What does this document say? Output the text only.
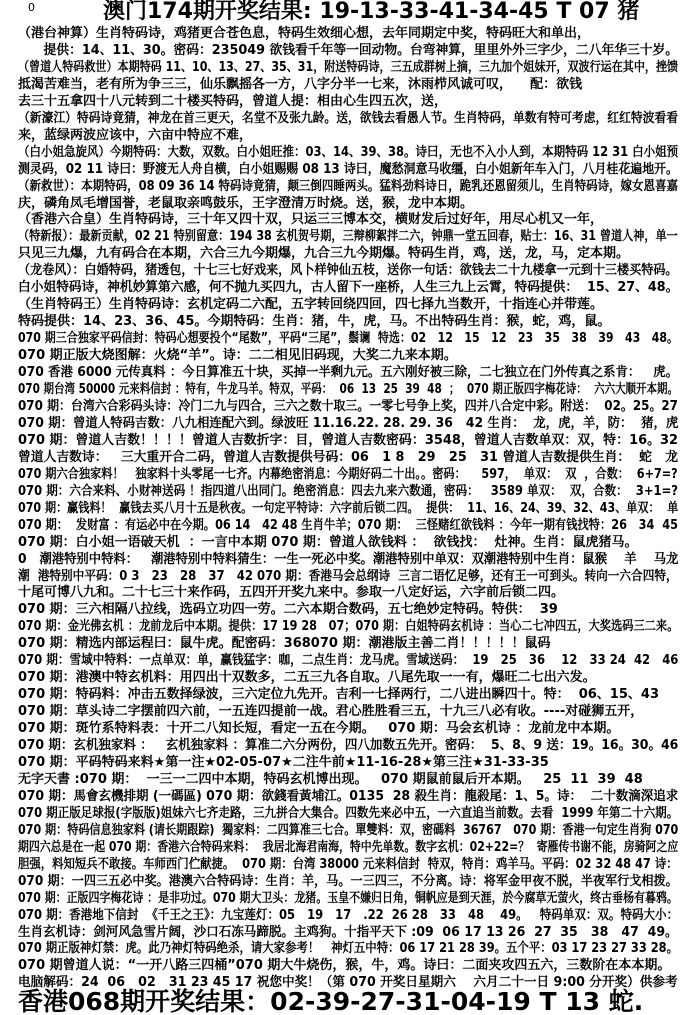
0	澳门174期开奖结果: 19-13-33-41-34-45 T 07 猪
（港台神算）生肖特码诗，鸡猪更合苍色息，特码生效细心想，去年同期定中奖，特码旺大和单出，
　　提供：14、11、30。密码：235049 欲钱看千年等一回动物。台弯神算，里里外外三字少，二八年华三十岁。
（曾道人特码救世）本期特码 11、10、13、27、35、31，附送特码诗，三五成群树上摘，三九加个姐妹开，双波行运在其中，挫馈
抵渴苦难当，老有所为争三三，仙乐飘摇各一方，八字分半一七来，沐雨栉风诚可叹，    配：欲钱
去三十五拿四十八元转到二十楼买特码，曾道人提：相由心生四五次，送，
（新濠江）特码诗竟猜，神龙在首三更天，名堂不及张九龄。送，欲钱去看愚人节。生肖特码，单数有特可考虑，红红特波看看
来，蓝绿两波应该中，六亩中特应不难，
（白小姐急旋风）今期特码：大数，双数。白小姐旺推：03、14、39、38。诗曰，无也不入小人到，本期特码 12 31 白小姐预
测灵码，02 11 诗曰：野渡无人舟自横，白小姐赐赐 08 13 诗曰，魔愁洞意马收缰，白小姐新年车入门，八月桂花遍地开。
（新救世）：本期特码，08 09 36 14 特码诗竟猜，颠三倒四睡两头。猛料劲料诗日，跪乳还恩留须儿，生肖特码诗，嫁女恩喜嘉
庆，磷角凤毛增国誉，老鼠取亲鸣鼓乐，王字澄清万时烧。送，猴，龙中本期。
（香港六合皇）生肖特码诗，三十年又四十双，只运三三博本交，横财发后过好年，用尽心机又一年，
（特新报）：最新贡献，02 21 特别留意：194 38 玄机贺号期，三辩柳絮拌二六，钟鼎一堂五回春，贴士：16、31 曾道人神，单一
只见三九爆，九有码合在本期，六合三九今期爆，九合三九今期爆。特码生肖，鸡，送，龙，马，定本期。
（龙卷风）：白婚特码，猪透包，十七三七好戏来，风卜样钟仙五枝，送你一句话：欲钱去二十九楼拿一元到十三楼买特码。
白小姐特码诗，神机妙算第六感，何不抛九买四九，古人留下一座桥，人生三九上云霄，特码提供：  15、27、48。
（生肖特码王）生肖特码诗：玄机定码二六配，五字转回绕四回，四七择九当数开，十指连心并带莲。
特码提供：14、23、36、45。今期特码：生肖：猪，牛，虎，马。不出特码生肖：猴，蛇，鸡，鼠。
070 期三合独家平码信封：特码心想要投个“尾数”，平码“三尾”，鬃谰  特选：02   12   15   12   23   35   38   39   43   48。
070 期正版大烧图解：火烧“羊”。诗：二二相见旧码现，大奖二九来本期。
070 香港 6000 元传真料 ：今日算准五十块，买掉一半剩九元。五六刚好被三除，二七独立在门外传真之系肯：   虎。
070 期台湾 50000 元来料信封 ：特有，牛龙马羊。特双，平码：  06  13  25  39  48  ；  070 期正版四字梅花诗：  六六大顺开本期。
070 期：台湾六合彩码头诗：冷门二九与四合，三六之数十取三。一零七号争上奖，四并八合定中彩。附送：  02。25。27
070 期：曾道人特码吉数：八九相连配六到。绿波旺 11.16.22. 28. 29. 36   42 生肖：  龙，虎，羊，防：  猪，虎
070 期：曾道人吉数！！！！曾道人吉数折字：目，曾道人吉数密码：3548，曾道人吉数单双：双，特：16。32
曾道人吉数诗：   三大重开合二码，曾道人吉数提供号码：06   1 8   29   25   31 曾道人吉数提供生肖：  蛇   龙
070 期六合独家料！   独家料十头零尾一七齐。内幕绝密消息：今期好码二十出。。密码：    597，  单双：  双  ，合数：  6+7=?
070 期：六合来料、小财神送码 ！指四道八出同门。绝密消息：四去九来六数通，密码：   3589 单双：  双，合数：  3+1=?
070 期：赢钱料！  赢钱去买八月十五是秋夜。一句定平特诗：六字前后锁二四。  提供：  11、16、24、39、32、43、单双：  单
070 期：  发财富 ：有运必中在今期。06 14   42 48 生肖牛羊；070 期：  三怪赌红欲钱料 ：今年一期有钱找特：26   34  45
070 期：白小姐一语破天机  ：一言中本期 070 期：曾道人欲钱料 ：  欲钱找：  灶神。生肖：鼠虎猪马。
0   潮港特别中特料：   潮港特别中特料猜生：一生一死必中奖。潮港特别中单双：双潮港特别中生肖：鼠猴    羊    马龙
潮  港特别中平码：0 3   23   28   37   42 070 期：香港马会总纲诗  三言二语忆足够，还有王一可到头。转向一六合四特，
十尾可博八九和。二十七三十来作码，五四开开奖九来中。参取一八定好运，六字前后锁二四。
070 期：三六相隔八拉线，选码立功四一劳。二六本期合数码，五七绝妙定特码。特供：  39
070 期：金光佛玄机 ：龙前龙后中本期。提供：17 19 28   07；070 期：白姐特码玄机诗 ：当心二七冲四五，大奖选码三二来。
070 期：精选内部运程曰：鼠牛虎。配密码：368070 期：潮港版主善二肖！！！！！鼠码
070 期：雪域中特料：一点单双：单，赢钱猛字：咖，二点生肖：龙马虎。雪域送码：  19   25   36    12   33 24  42   46
070 期：港澳中特玄机料：用四出十双数多，二五三九各自取。八尾先取一一有，爆旺二七出六发。
070 期：特码料：冲击五数择绿波，三六定位九先开。吉利一七择两行，二八进出瞬四十。特：  06、15、43
070 期：草头诗二字摆前四六前，一五连四提前一战。君心胜胜看三五，十九三八必有收。----对碰狮五开，
070 期：斑竹系特料表：十开二八知长短，看定一五在今期。   070 期：马会玄机诗 ：龙前龙中本期。
070 期：玄机独家料 ：   玄机独家料 ：算准二六分两份，四八加数五先开。密码：  5、8、9 送：19。16。30。46
070 期：平码特码来料★第一注★02-05-07★二注牛前★11-16-28★第三注★31-33-35
无字天書 :070 期：  一三一二四中本期，特码玄机博出现。   070 期鼠前鼠后开本期。   25  11  39  48
070 期：馬會玄機排期 (一碼區) 070 期：欲錢看黃埔江。0135  28 殺生肖：龍殺尾：1、5。诗：  二十数滴深追求
070 期正版足球报(字版版)姐妹六七齐走路，三九拼合大集合。四数先来必中五，一六直追当前数。去看  1999 年第二十六期。
070 期：特码信息独家料 (请长期跟踪)  獨家料：二四算准三七合。單雙料：双，密碼料  36767   070 期：香港一句定生肖狗 070
期四六总是在一起 070 期：香港六合特码来料：  我居北海君南海，特中先单数。数字玄机：02+22=？  寄雁传书谢不能，房骑阿之应
胆强，料知短兵不敢接。车师西门伫献捷。  070 期：台湾 38000 元来料信封  特双，特肖：鸡羊马。平码：02 32 48 47 诗：
070 期：一四三五必中奖。港澳六合特码诗：生肖：羊，马。一三四三，不分离。诗：将军金甲夜不脱，半夜军行戈相拨。
070 期：正版四字梅花诗 ：是非功过。070 期大卫头：龙猪。玉皇不嫌归日角，铜帆应是到天涯，於今腐草无萤火，终古垂杨有暮鸦。
070 期：香港地下信封  《千王之王》：九宝莲灯：05   19   17   .22  26 28   33   48    49。   特码单双：双。特码大小：
生肖玄机诗：剑河风急雪片阔，沙口石冻马蹄脱。主鸡狗。十指平天下 :09  06 17 13 26  27  35   38   47  49。
070 期正版神灯禁：虎。此乃神灯特码绝杀，请大家参考！   神灯五中特：06 17 21 28 39。五个平：03 17 23 27 33 28。
070 期曾道人说：“一开八路三四桶”070 期大牛烧伤，猴，牛，鸡。诗曰：二面夹攻四五六，三数阶在本本期。
电脑解码：24  06   02   31 23 45 17 祝您中奖！（第 070 开奖日星期六    六月二十一日 9:00 分开奖）供参考
香港068期开奖结果：02-39-27-31-04-19 T 13 蛇.
